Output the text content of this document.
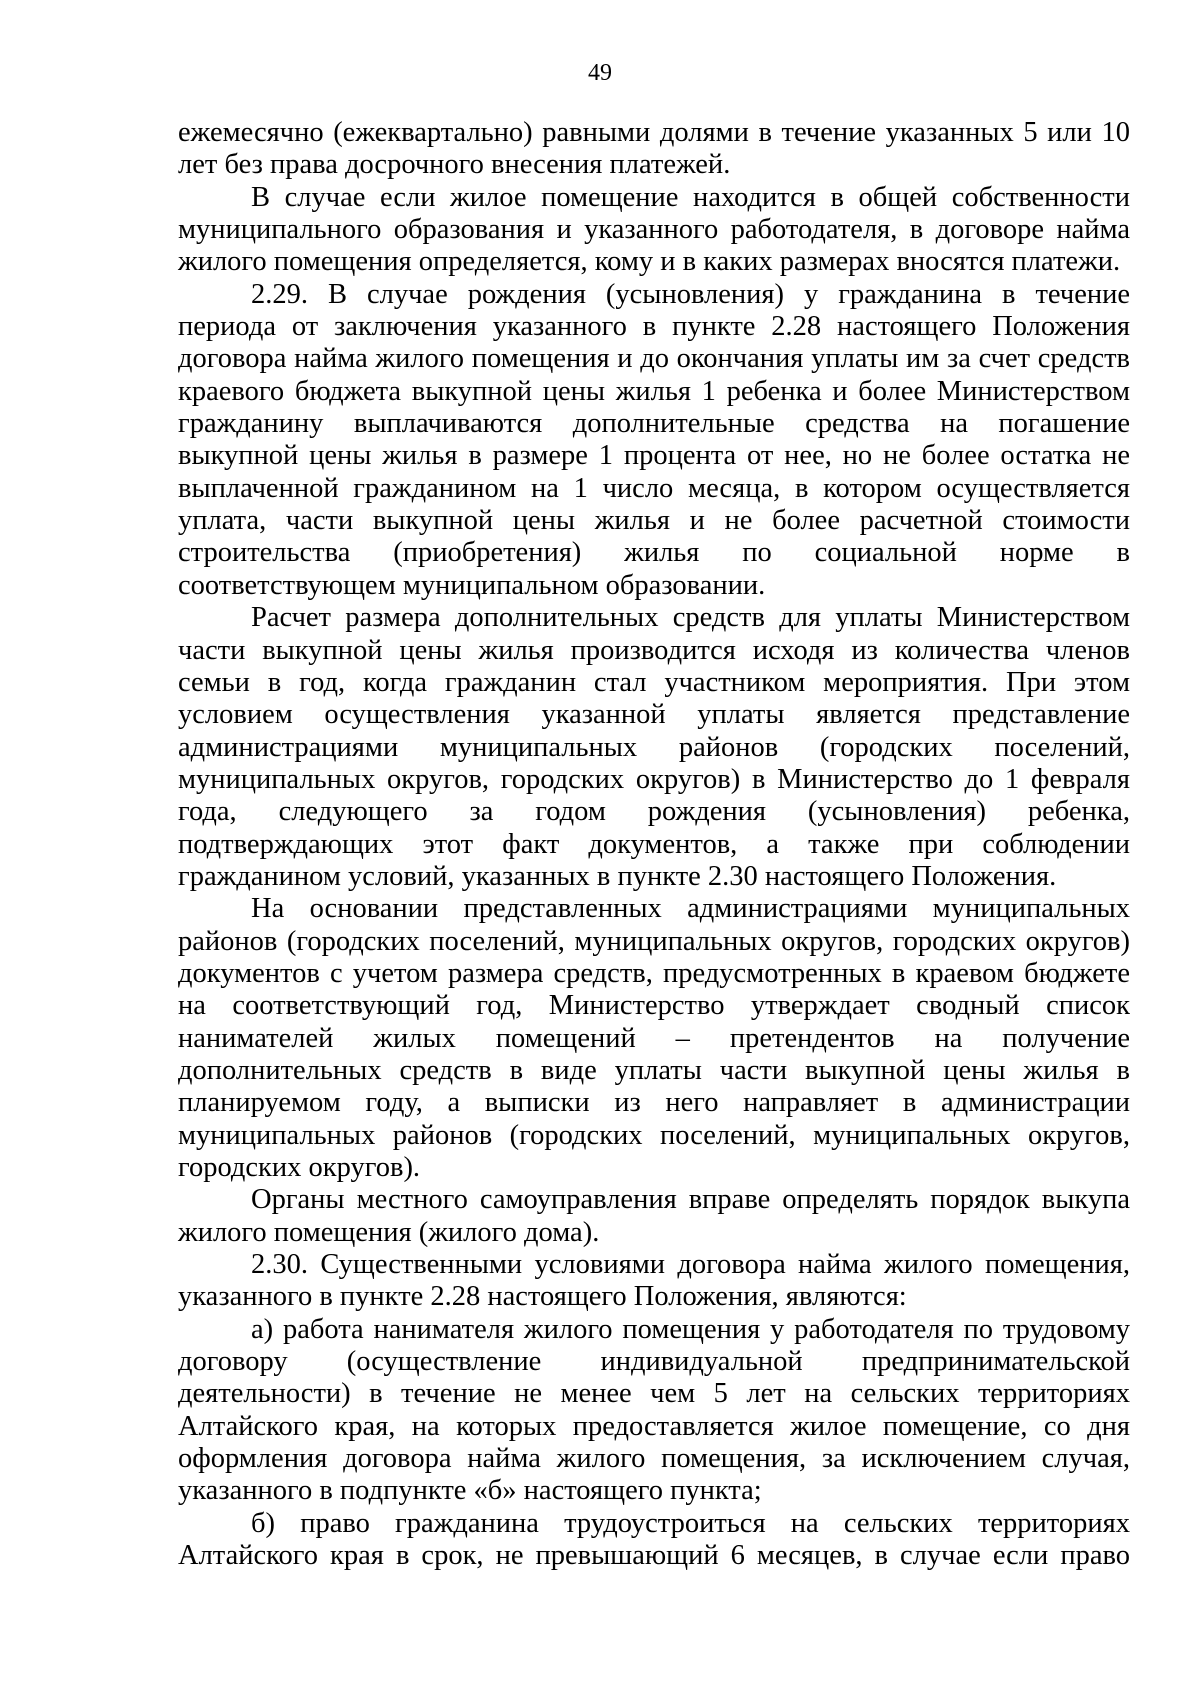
49

ежемесячно (ежеквартально) равными долями в течение указанных 5 или 10 лет без права досрочного внесения платежей.

В случае если жилое помещение находится в общей собственности муниципального образования и указанного работодателя, в договоре найма жилого помещения определяется, кому и в каких размерах вносятся платежи.

2.29. В случае рождения (усыновления) у гражданина в течение периода от заключения указанного в пункте 2.28 настоящего Положения договора найма жилого помещения и до окончания уплаты им за счет средств краевого бюджета выкупной цены жилья 1 ребенка и более Министерством гражданину выплачиваются дополнительные средства на погашение выкупной цены жилья в размере 1 процента от нее, но не более остатка не выплаченной гражданином на 1 число месяца, в котором осуществляется уплата, части выкупной цены жилья и не более расчетной стоимости строительства (приобретения) жилья по социальной норме в соответствующем муниципальном образовании.

Расчет размера дополнительных средств для уплаты Министерством части выкупной цены жилья производится исходя из количества членов семьи в год, когда гражданин стал участником мероприятия. При этом условием осуществления указанной уплаты является представление администрациями муниципальных районов (городских поселений, муниципальных округов, городских округов) в Министерство до 1 февраля года, следующего за годом рождения (усыновления) ребенка, подтверждающих этот факт документов, а также при соблюдении гражданином условий, указанных в пункте 2.30 настоящего Положения.

На основании представленных администрациями муниципальных районов (городских поселений, муниципальных округов, городских округов) документов с учетом размера средств, предусмотренных в краевом бюджете на соответствующий год, Министерство утверждает сводный список нанимателей жилых помещений – претендентов на получение дополнительных средств в виде уплаты части выкупной цены жилья в планируемом году, а выписки из него направляет в администрации муниципальных районов (городских поселений, муниципальных округов, городских округов).

Органы местного самоуправления вправе определять порядок выкупа жилого помещения (жилого дома).

2.30. Существенными условиями договора найма жилого помещения, указанного в пункте 2.28 настоящего Положения, являются:

а) работа нанимателя жилого помещения у работодателя по трудовому договору (осуществление индивидуальной предпринимательской деятельности) в течение не менее чем 5 лет на сельских территориях Алтайского края, на которых предоставляется жилое помещение, со дня оформления договора найма жилого помещения, за исключением случая, указанного в подпункте «б» настоящего пункта;

б) право гражданина трудоустроиться на сельских территориях Алтайского края в срок, не превышающий 6 месяцев, в случае если право
